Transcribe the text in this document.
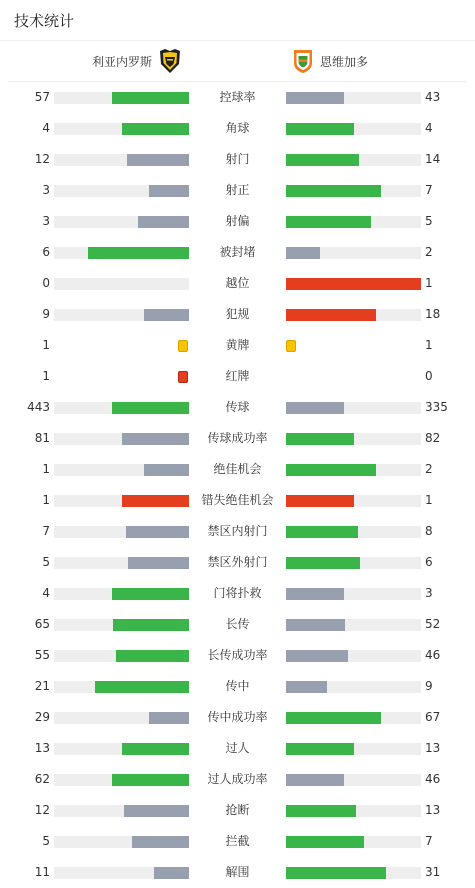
技术统计
利亚内罗斯	恩维加多
57	控球率	43
4	角球	4
12	射门	14
3	射正	7
3	射偏	5
6	被封堵	2
0	越位	1
9	犯规	18
1	黄牌	1
1	红牌	0
443	传球	335
81	传球成功率	82
1	绝佳机会	2
1	错失绝佳机会	1
7	禁区内射门	8
5	禁区外射门	6
4	门将扑救	3
65	长传	52
55	长传成功率	46
21	传中	9
29	传中成功率	67
13	过人	13
62	过人成功率	46
12	抢断	13
5	拦截	7
11	解围	31
